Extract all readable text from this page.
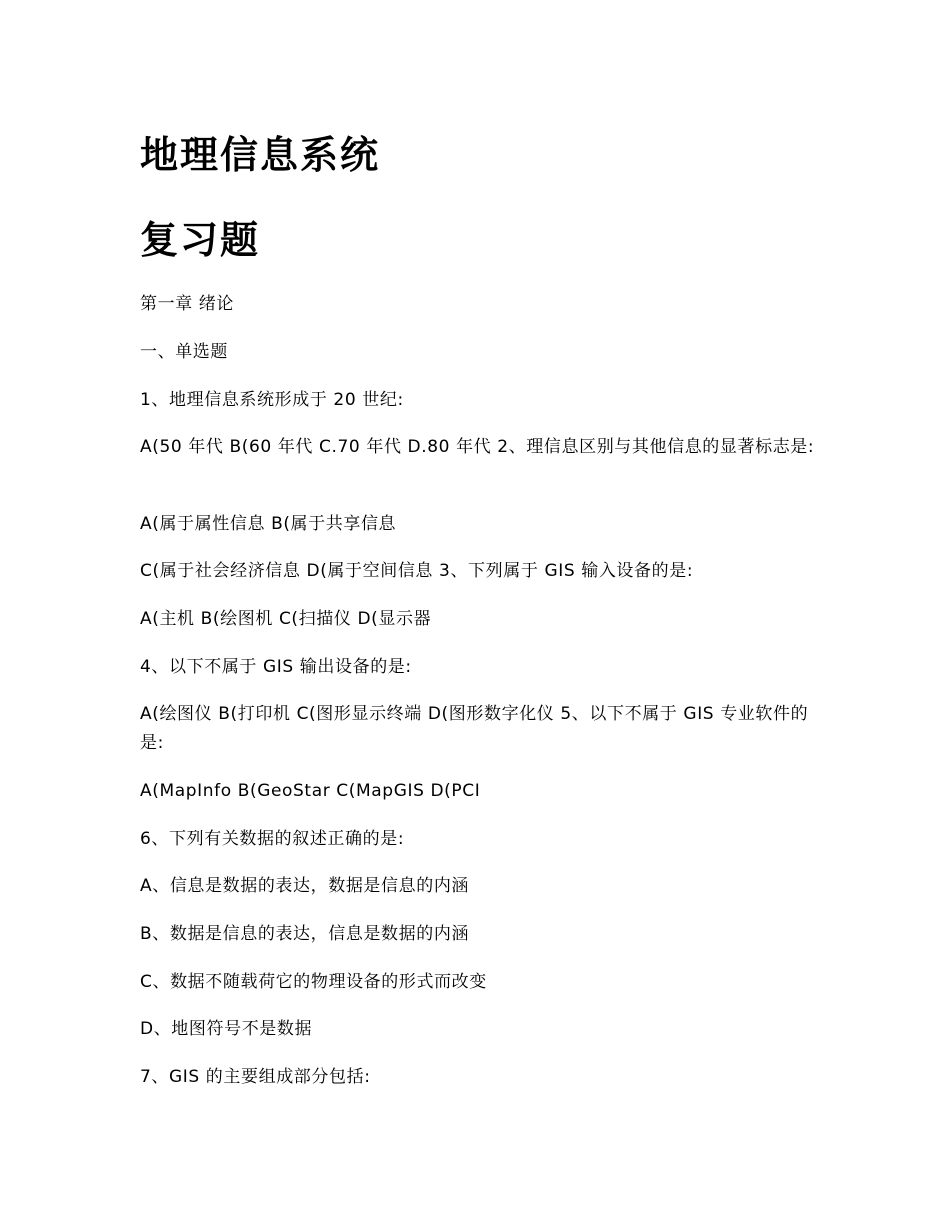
地理信息系统
复习题
第一章 绪论
一、单选题
1、地理信息系统形成于 20 世纪:
A(50 年代 B(60 年代 C.70 年代 D.80 年代 2、理信息区别与其他信息的显著标志是:
A(属于属性信息 B(属于共享信息
C(属于社会经济信息 D(属于空间信息 3、下列属于 GIS 输入设备的是:
A(主机 B(绘图机 C(扫描仪 D(显示器
4、以下不属于 GIS 输出设备的是:
A(绘图仪 B(打印机 C(图形显示终端 D(图形数字化仪 5、以下不属于 GIS 专业软件的是:
A(MapInfo B(GeoStar C(MapGIS D(PCI
6、下列有关数据的叙述正确的是:
A、信息是数据的表达，数据是信息的内涵
B、数据是信息的表达，信息是数据的内涵
C、数据不随载荷它的物理设备的形式而改变
D、地图符号不是数据
7、GIS 的主要组成部分包括:
